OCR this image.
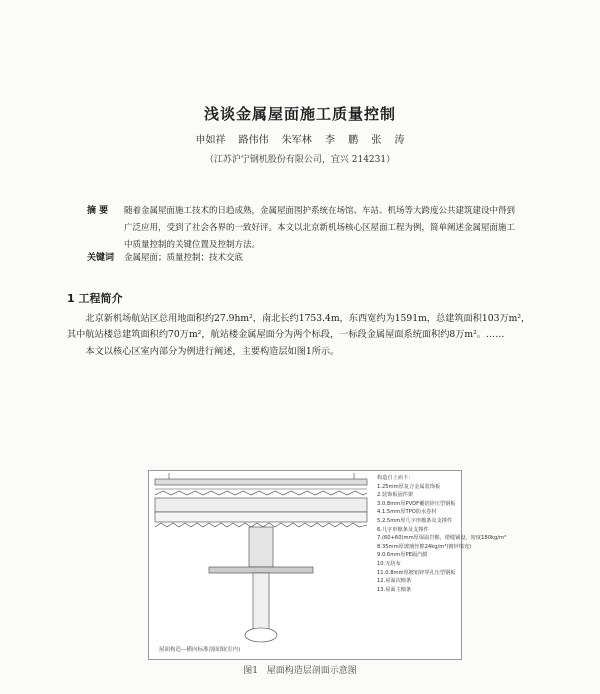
浅谈金属屋面施工质量控制
申如祥 路伟伟 朱军林 李 鹏 张 涛
（江苏沪宁钢机股份有限公司，宜兴 214231）
摘 要 随着金属屋面施工技术的日趋成熟，金属屋面围护系统在场馆、车站、机场等大跨度公共建筑建设中得到广泛应用，受到了社会各界的一致好评。本文以北京新机场核心区屋面工程为例，简单阐述金属屋面施工中质量控制的关键位置及控制方法。
关键词 金属屋面；质量控制；技术交底
1 工程简介

北京新机场航站区总用地面积约27.9hm²，南北长约1753.4m，东西宽约为1591m，总建筑面积103万m²，其中航站楼总建筑面积约70万m²，航站楼金属屋面分为两个标段，一标段金属屋面系统面积约8万m²。……

本文以核心区室内部分为例进行阐述，主要构造层如图1所示。

构造自上而下：
1.25mm厚复合金属装饰板
2.装饰板固件架
3.0.8mm厚PVDF覆铝锌压型钢板
4.1.5mm厚TPO防水卷材
5.2.5mm厚几字形檩条及支撑件
6.几字形檩条及支撑件
7.(60+60)mm厚保温岩棉，错缝铺设，密度180kg/m³
8.35mm厚玻璃丝棉24kg/m³(镀锌填充)
9.0.6mm厚PE隔汽膜
10.无纺布
11.0.8mm厚镀铝锌穿孔压型钢板
12.屋面次檩条
13.屋面主檩条
屋面构造—横向标准剖面图(室内)
图1 屋面构造层剖面示意图
